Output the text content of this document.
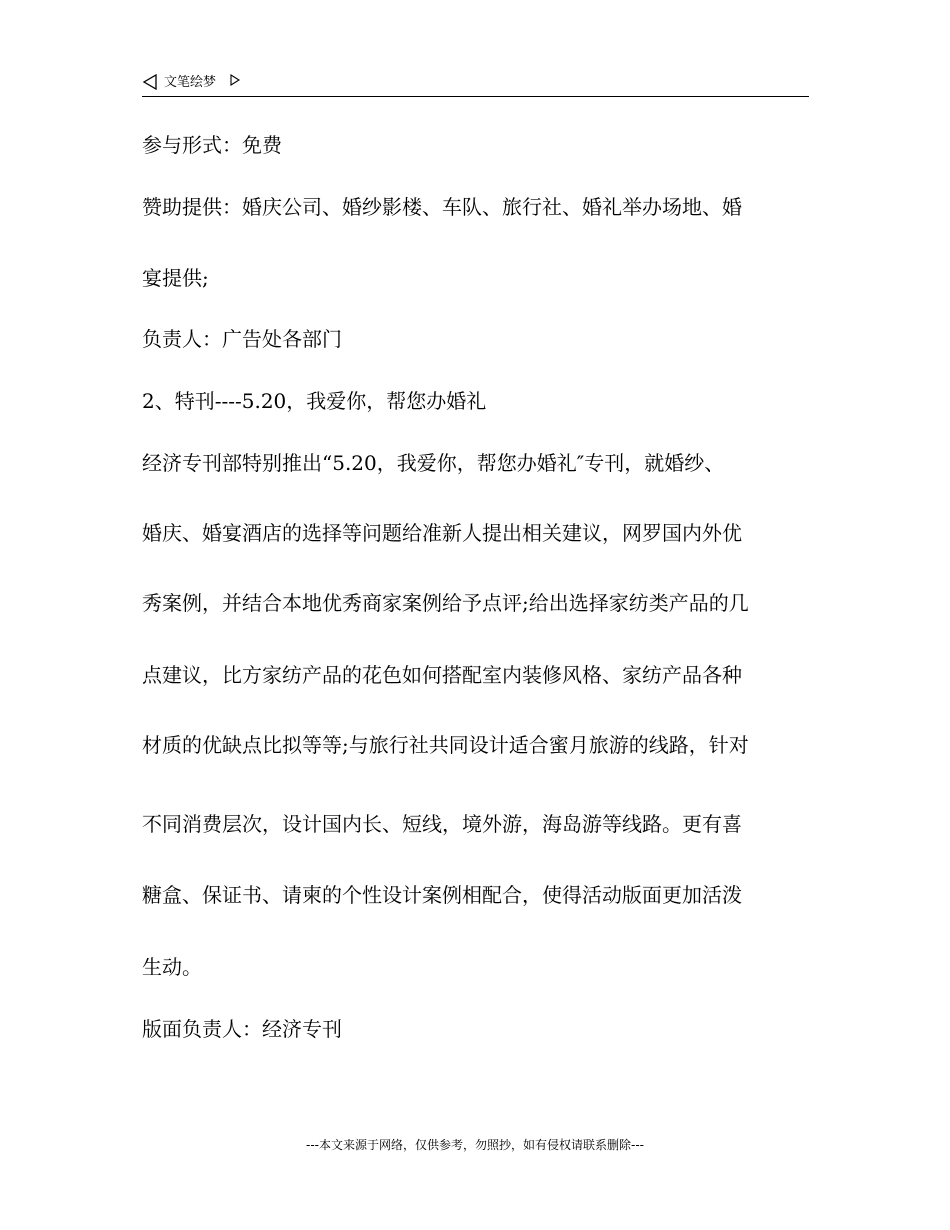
文笔绘梦
参与形式：免费
赞助提供：婚庆公司、婚纱影楼、车队、旅行社、婚礼举办场地、婚
宴提供;
负责人：广告处各部门
2、特刊----5.20，我爱你，帮您办婚礼
经济专刊部特别推出“5.20，我爱你，帮您办婚礼″专刊，就婚纱、
婚庆、婚宴酒店的选择等问题给准新人提出相关建议，网罗国内外优
秀案例，并结合本地优秀商家案例给予点评;给出选择家纺类产品的几
点建议，比方家纺产品的花色如何搭配室内装修风格、家纺产品各种
材质的优缺点比拟等等;与旅行社共同设计适合蜜月旅游的线路，针对
不同消费层次，设计国内长、短线，境外游，海岛游等线路。更有喜
糖盒、保证书、请柬的个性设计案例相配合，使得活动版面更加活泼
生动。
版面负责人：经济专刊
---本文来源于网络，仅供参考，勿照抄，如有侵权请联系删除---
